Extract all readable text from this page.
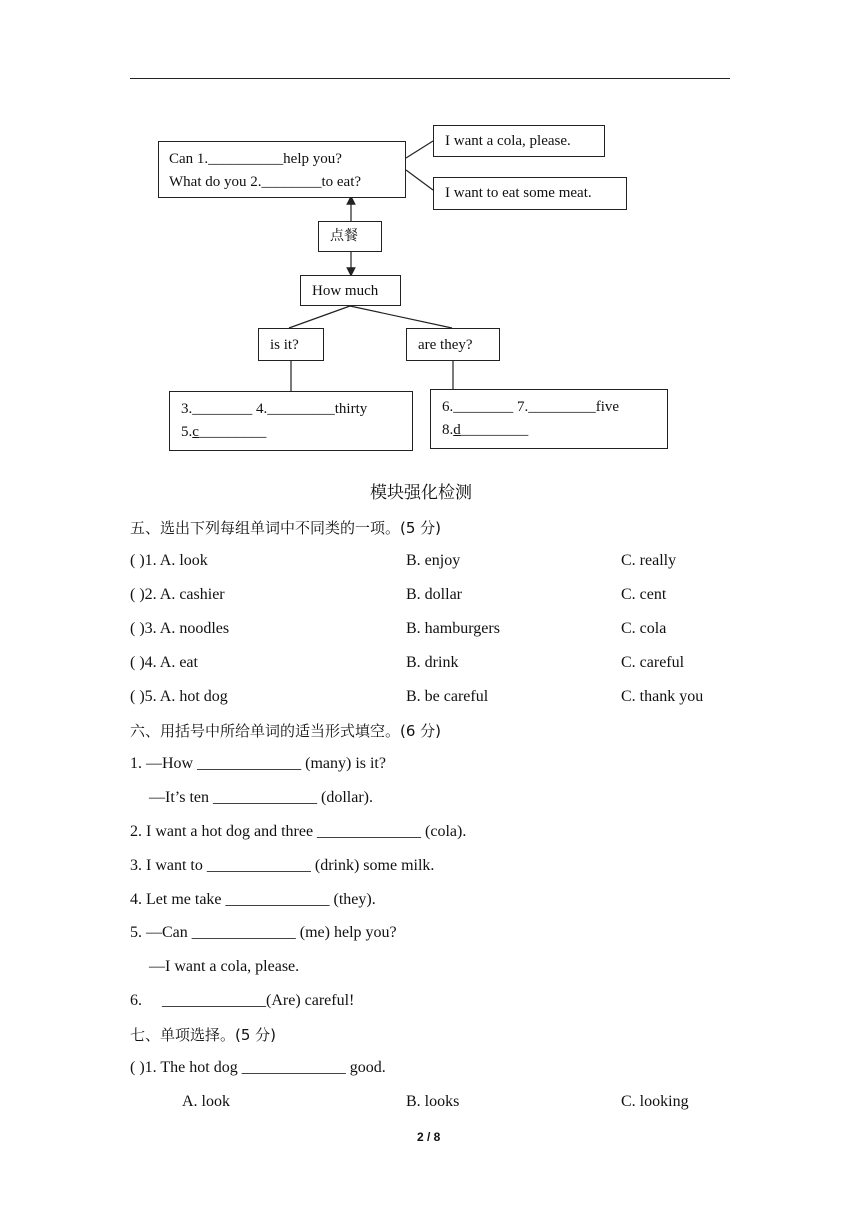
Can 1.__________help you?
What do you 2.________to eat?
I want a cola, please.
I want to eat some meat.
点餐
How much
is it?	are they?
3.________ 4._________thirty
5.c_________
6.________ 7._________five
8.d_________
模块强化检测
五、选出下列每组单词中不同类的一项。(5 分)
( )1. A. look	B. enjoy	C. really
( )2. A. cashier	B. dollar	C. cent
( )3. A. noodles	B. hamburgers	C. cola
( )4. A. eat	B. drink	C. careful
( )5. A. hot dog	B. be careful	C. thank you
六、用括号中所给单词的适当形式填空。(6 分)
1. —How _____________ (many) is it?
—It’s ten _____________ (dollar).
2. I want a hot dog and three _____________ (cola).
3. I want to _____________ (drink) some milk.
4. Let me take _____________ (they).
5. —Can _____________ (me) help you?
—I want a cola, please.
6.     _____________(Are) careful!
七、单项选择。(5 分)
( )1. The hot dog _____________ good.
A. look	B. looks	C. looking
2 / 8
